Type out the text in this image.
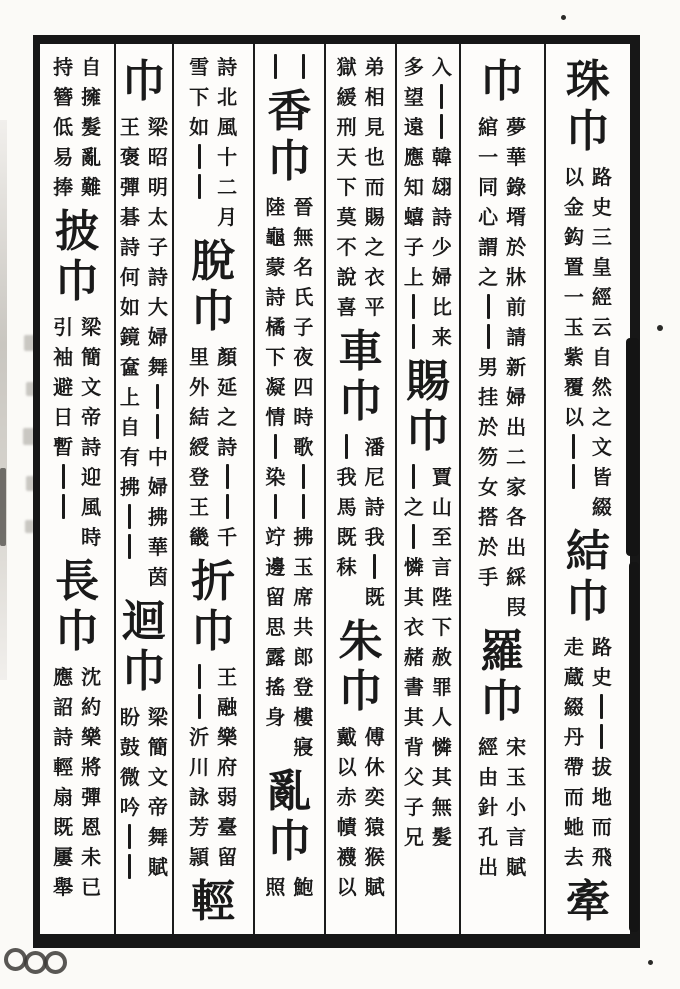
珠
巾
路
史
三
皇
經
云
自
然
之
文
皆
綴
以
金
鈎
置
一
玉
紫
覆
以
結
巾
路
史
拔
地
而
飛
走
蔵
綴
丹
帶
而
虵
去
牽
巾
夢
華
錄
壻
於
牀
前
請
新
婦
出
二
家
各
出
綵
叚
綰
一
同
心
謂
之
男
挂
於
笏
女
搭
於
手
羅
巾
宋
玉
小
言
賦
經
由
針
孔
出
入
韓
翃
詩
少
婦
比
来
多
望
遠
應
知
蟢
子
上
賜
巾
賈
山
至
言
陛
下
赦
罪
人
憐
其
無
髮
之
憐
其
衣
赭
書
其
背
父
子
兄
弟
相
見
也
而
賜
之
衣
平
獄
緩
刑
天
下
莫
不
說
喜
車
巾
潘
尼
詩
我
既
我
馬
既
秣
朱
巾
傅
休
奕
猿
猴
賦
戴
以
赤
幘
襪
以
香
巾
晉
無
名
氏
子
夜
四
時
歌
拂
玉
席
共
郎
登
樓
寢
陸
龜
蒙
詩
橘
下
凝
情
染
竚
邊
留
思
露
搖
身
亂
巾
鮑
照
詩
北
風
十
二
月
雪
下
如
脫
巾
顏
延
之
詩
千
里
外
結
綬
登
王
畿
折
巾
王
融
樂
府
弱
臺
留
沂
川
詠
芳
頴
輕
巾
梁
昭
明
太
子
詩
大
婦
舞
中
婦
拂
華
茵
王
褒
彈
碁
詩
何
如
鏡
奩
上
自
有
拂
迴
巾
梁
簡
文
帝
舞
賦
盼
鼓
微
吟
自
擁
髮
亂
難
持
簪
低
易
捧
披
巾
梁
簡
文
帝
詩
迎
風
時
引
袖
避
日
暫
長
巾
沈
約
樂
將
彈
恩
未
已
應
詔
詩
輕
扇
既
屢
舉
